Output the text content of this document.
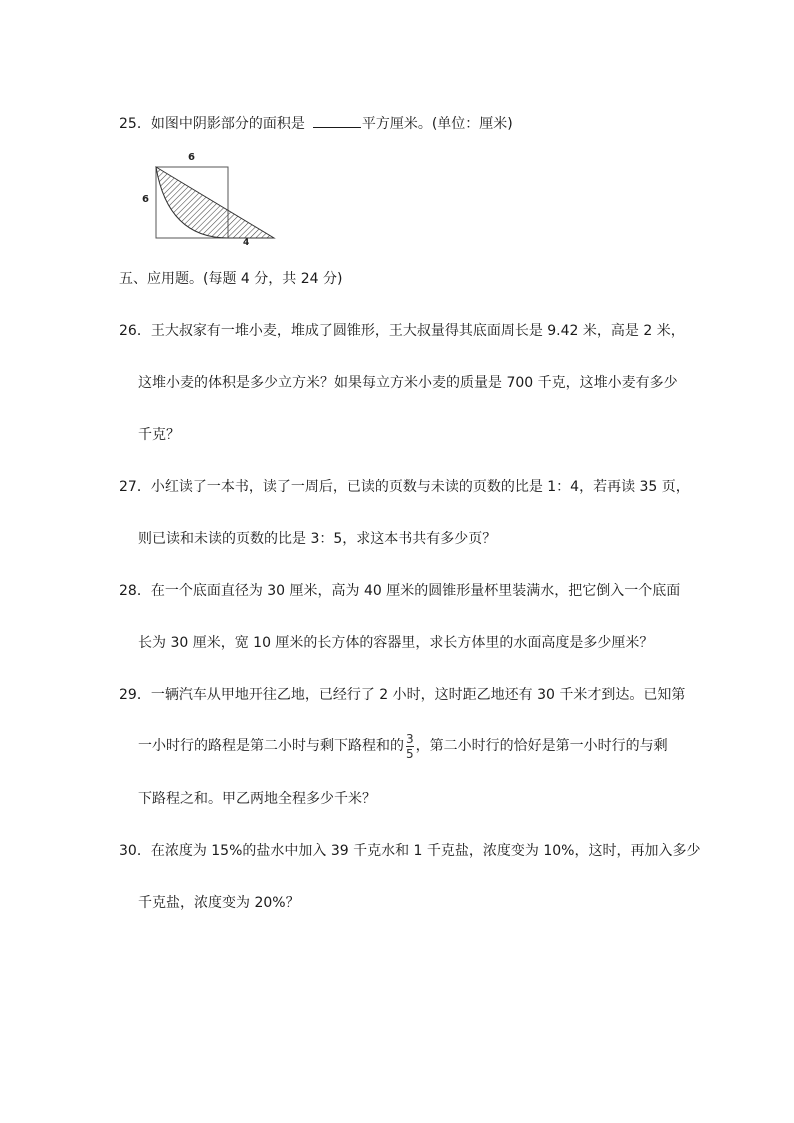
25．如图中阴影部分的面积是	平方厘米。(单位：厘米)
6
6
4
五、应用题。(每题 4 分，共 24 分)
26．王大叔家有一堆小麦，堆成了圆锥形，王大叔量得其底面周长是 9.42 米，高是 2 米，
这堆小麦的体积是多少立方米？如果每立方米小麦的质量是 700 千克，这堆小麦有多少
千克？
27．小红读了一本书，读了一周后，已读的页数与未读的页数的比是 1：4，若再读 35 页，
则已读和未读的页数的比是 3：5，求这本书共有多少页？
28．在一个底面直径为 30 厘米，高为 40 厘米的圆锥形量杯里装满水，把它倒入一个底面
长为 30 厘米，宽 10 厘米的长方体的容器里，求长方体里的水面高度是多少厘米？
29．一辆汽车从甲地开往乙地，已经行了 2 小时，这时距乙地还有 30 千米才到达。已知第
一小时行的路程是第二小时与剩下路程和的 $\frac{3}{5}$ ，第二小时行的恰好是第一小时行的与剩
下路程之和。甲乙两地全程多少千米？
30．在浓度为 15%的盐水中加入 39 千克水和 1 千克盐，浓度变为 10%，这时，再加入多少
千克盐，浓度变为 20%？
